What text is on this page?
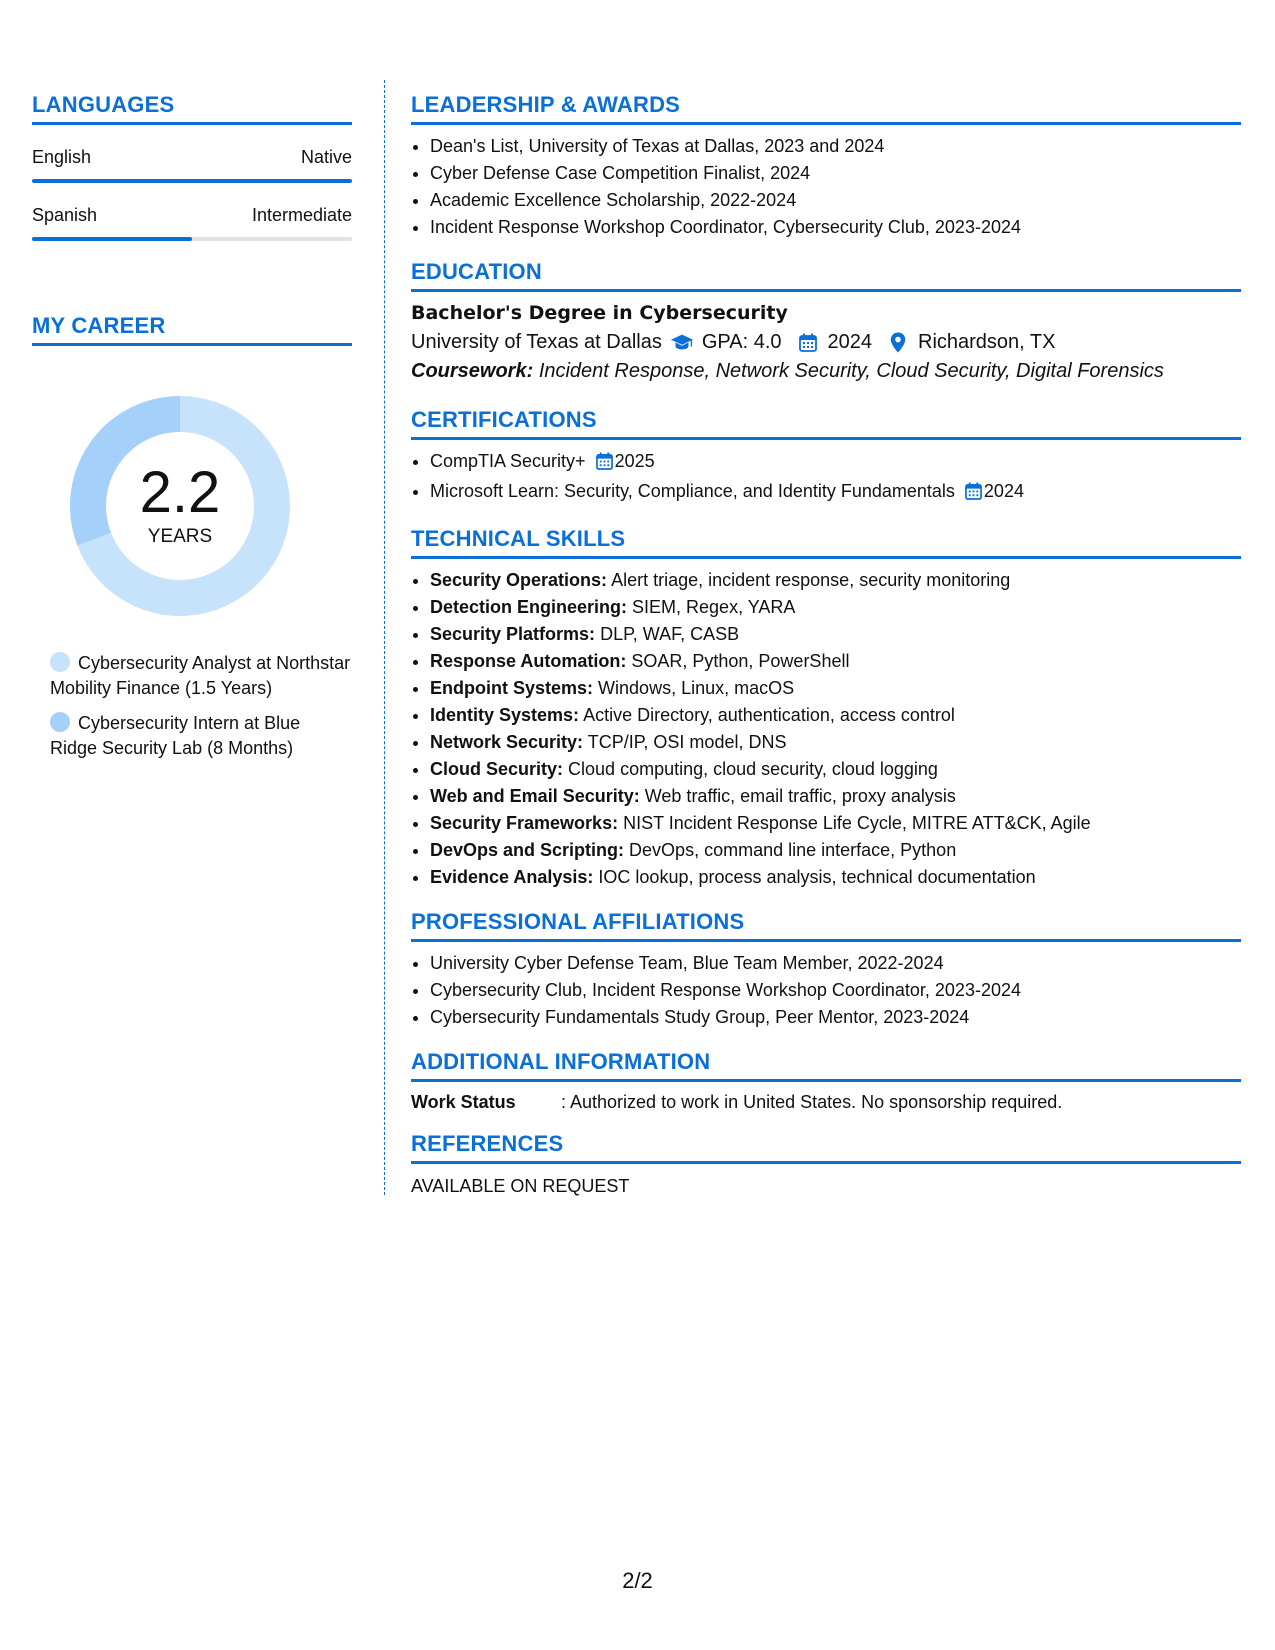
LANGUAGES
English	Native
Spanish	Intermediate
MY CAREER
2.2
YEARS
Cybersecurity Analyst at Northstar Mobility Finance (1.5 Years)
Cybersecurity Intern at Blue Ridge Security Lab (8 Months)
LEADERSHIP & AWARDS
• Dean's List, University of Texas at Dallas, 2023 and 2024
• Cyber Defense Case Competition Finalist, 2024
• Academic Excellence Scholarship, 2022-2024
• Incident Response Workshop Coordinator, Cybersecurity Club, 2023-2024
EDUCATION
Bachelor's Degree in Cybersecurity
University of Texas at Dallas GPA: 4.0 2024 Richardson, TX
Coursework: Incident Response, Network Security, Cloud Security, Digital Forensics
CERTIFICATIONS
• CompTIA Security+ 2025
• Microsoft Learn: Security, Compliance, and Identity Fundamentals 2024
TECHNICAL SKILLS
• Security Operations: Alert triage, incident response, security monitoring
• Detection Engineering: SIEM, Regex, YARA
• Security Platforms: DLP, WAF, CASB
• Response Automation: SOAR, Python, PowerShell
• Endpoint Systems: Windows, Linux, macOS
• Identity Systems: Active Directory, authentication, access control
• Network Security: TCP/IP, OSI model, DNS
• Cloud Security: Cloud computing, cloud security, cloud logging
• Web and Email Security: Web traffic, email traffic, proxy analysis
• Security Frameworks: NIST Incident Response Life Cycle, MITRE ATT&CK, Agile
• DevOps and Scripting: DevOps, command line interface, Python
• Evidence Analysis: IOC lookup, process analysis, technical documentation
PROFESSIONAL AFFILIATIONS
• University Cyber Defense Team, Blue Team Member, 2022-2024
• Cybersecurity Club, Incident Response Workshop Coordinator, 2023-2024
• Cybersecurity Fundamentals Study Group, Peer Mentor, 2023-2024
ADDITIONAL INFORMATION
Work Status	: Authorized to work in United States. No sponsorship required.
REFERENCES
AVAILABLE ON REQUEST
2/2
